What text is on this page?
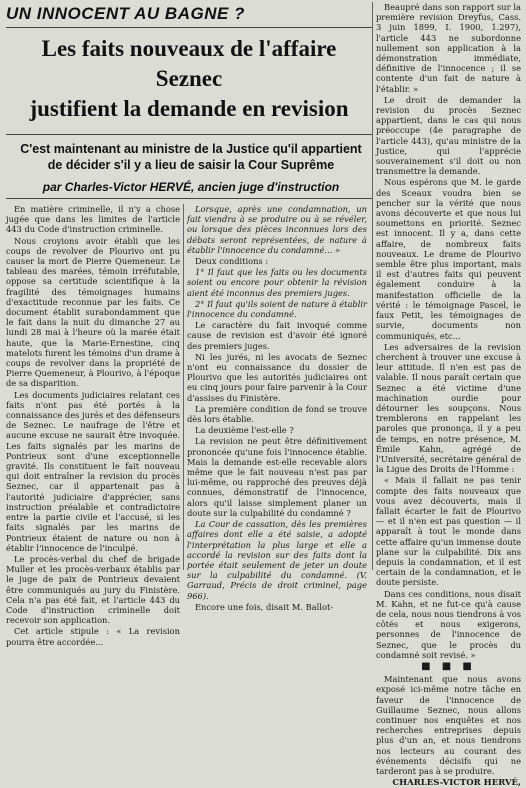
UN INNOCENT AU BAGNE ?
Les faits nouveaux de l'affaire Seznec
justifient la demande en revision
C'est maintenant au ministre de la Justice qu'il appartient
de décider s'il y a lieu de saisir la Cour Suprême
par Charles-Victor HERVÉ, ancien juge d'instruction

En matière criminelle, il n'y a chose jugée que dans les limites de l'article 443 du Code d'instruction criminelle.

Nous croyions avoir établi que les coups de revolver de Plourivo ont pu causer la mort de Pierre Quemeneur. Le tableau des marées, témoin irréfutable, oppose sa certitude scientifique à la fragilité des témoignages humains d'exactitude reconnue par les faits. Ce document établit surabondamment que le fait dans la nuit du dimanche 27 au lundi 28 mai à l'heure où la marée était haute, que la Marie-Ernestine, cinq matelots furent les témoins d'un drame à coups de revolver dans la propriété de Pierre Quemeneur, à Plourivo, à l'époque de sa disparition.

Les documents judiciaires relatant ces faits n'ont pas été portés à la connaissance des jurés et des défenseurs de Seznec. Le naufrage de l'être et aucune excuse ne saurait être invoquée. Les faits signalés par les marins de Pontrieux sont d'une exceptionnelle gravité. Ils constituent le fait nouveau qui doit entraîner la revision du procès Seznec, car il appartenait pas à l'autorité judiciaire d'apprécier, sans instruction préalable et contradictoire entre la partie civile et l'accusé, si les faits signalés par les marins de Pontrieux étaient de nature ou non à établir l'innocence de l'inculpé.

Le procès-verbal du chef de brigade Muller et les procès-verbaux établis par le juge de paix de Pontrieux devaient être communiqués au jury du Finistère. Cela n'a pas été fait, et l'article 443 du Code d'instruction criminelle doit recevoir son application.

Cet article stipule : « La revision pourra être accordée...

Lorsque, après une condamnation, un fait viendra à se produire ou à se révéler, ou lorsque des pièces inconnues lors des débats seront représentées, de nature à établir l'innocence du condamné... »

Deux conditions :

1° Il faut que les faits ou les documents soient ou encore pour obtenir la révision aient été inconnus des premiers juges.

2° Il faut qu'ils soient de nature à établir l'innocence du condamné.

Le caractère du fait invoqué comme cause de revision est d'avoir été ignoré des premiers juges.

Ni les jurés, ni les avocats de Seznec n'ont eu connaissance du dossier de Plourivo que les autorités judiciaires ont eu cinq jours pour faire parvenir à la Cour d'assises du Finistère.

La première condition de fond se trouve dès lors établie.

La deuxième l'est-elle ?

La revision ne peut être définitivement prononcée qu'une fois l'innocence établie. Mais la demande est-elle recevable alors même que le fait nouveau n'est pas par lui-même, ou rapproché des preuves déjà connues, démonstratif de l'innocence, alors qu'il laisse simplement planer un doute sur la culpabilité du condamné ?

La Cour de cassation, dès les premières affaires dont elle a été saisie, a adopté l'interprétation la plus large et elle a accordé la revision sur des faits dont la portée était seulement de jeter un doute sur la culpabilité du condamné. (V. Garraud, Précis de droit criminel, page 966).

Encore une fois, disait M. Ballot-

Beaupré dans son rapport sur la première revision Dreyfus, Cass. 3 juin 1899, I. 1900, 1.297), l'article 443 ne subordonne nullement son application à la démonstration immédiate, définitive de l'innocence ; il se contente d'un fait de nature à l'établir. »

Le droit de demander la revision du procès Seznec appartient, dans le cas qui nous préoccupe (4e paragraphe de l'article 443), qu'au ministre de la Justice, qui l'apprécie souverainement s'il doit ou non transmettre la demande.

Nous espérons que M. le garde des Sceaux voudra bien se pencher sur la vérité que nous avons découverte et que nous lui soumettons en priorité. Seznec est innocent. Il y a, dans cette affaire, de nombreux faits nouveaux. Le drame de Plourivo semble être plus important, mais il est d'autres faits qui peuvent également conduire à la manifestation officielle de la vérité : le témoignage Pascel, le faux Petit, les témoignages de survie, documents non communiqués, etc...

Les adversaires de la revision cherchent à trouver une excuse à leur attitude. Il n'en est pas de valable. Il nous paraît certain que Seznec a été victime d'une machination ourdie pour détourner les soupçons. Nous tremblerons en rappelant les paroles que prononça, il y a peu de temps, en notre présence, M. Émile Kahn, agrégé de l'Université, secrétaire général de la Ligue des Droits de l'Homme :

« Mais il fallait ne pas tenir compte des faits nouveaux que vous avez découverts, mais il fallait écarter le fait de Plourivo — et il n'en est pas question — il apparaît à tout le monde dans cette affaire qu'un immense doute plane sur la culpabilité. Dix ans depuis la condamnation, et il est certain de la condamnation, et le doute persiste.

Dans ces conditions, nous disait M. Kahn, et ne fut-ce qu'à cause de cela, nous nous tiendrons à vos côtés et nous exigerons, personnes de l'innocence de Seznec, que le procès du condamné soit revisé. »

■ ■ ■

Maintenant que nous avons exposé ici-même notre tâche en faveur de l'innocence de Guillaume Seznec, nous allons continuer nos enquêtes et nos recherches entreprises depuis plus d'un an, et nous tiendrons nos lecteurs au courant des événements décisifs qui ne tarderont pas à se produire.

CHARLES-VICTOR HERVÉ,
